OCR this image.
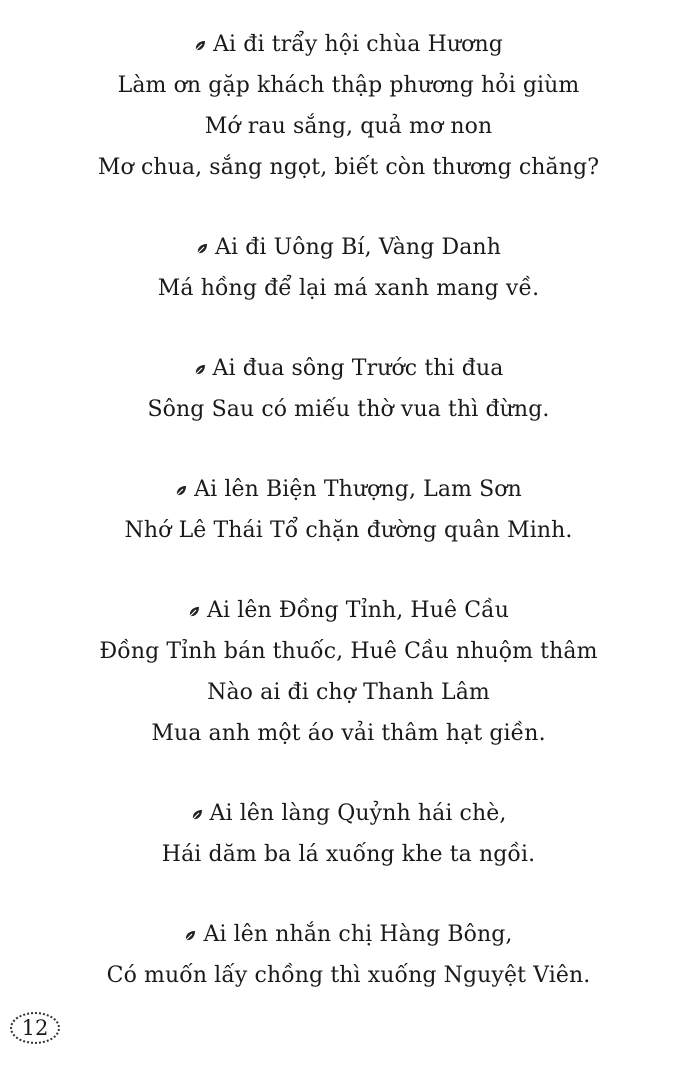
Ai đi trẩy hội chùa Hương
Làm ơn gặp khách thập phương hỏi giùm
Mớ rau sắng, quả mơ non
Mơ chua, sắng ngọt, biết còn thương chăng?
Ai đi Uông Bí, Vàng Danh
Má hồng để lại má xanh mang về.
Ai đua sông Trước thi đua
Sông Sau có miếu thờ vua thì đừng.
Ai lên Biện Thượng, Lam Sơn
Nhớ Lê Thái Tổ chặn đường quân Minh.
Ai lên Đồng Tỉnh, Huê Cầu
Đồng Tỉnh bán thuốc, Huê Cầu nhuộm thâm
Nào ai đi chợ Thanh Lâm
Mua anh một áo vải thâm hạt giền.
Ai lên làng Quỷnh hái chè,
Hái dăm ba lá xuống khe ta ngồi.
Ai lên nhắn chị Hàng Bông,
Có muốn lấy chồng thì xuống Nguyệt Viên.
12
